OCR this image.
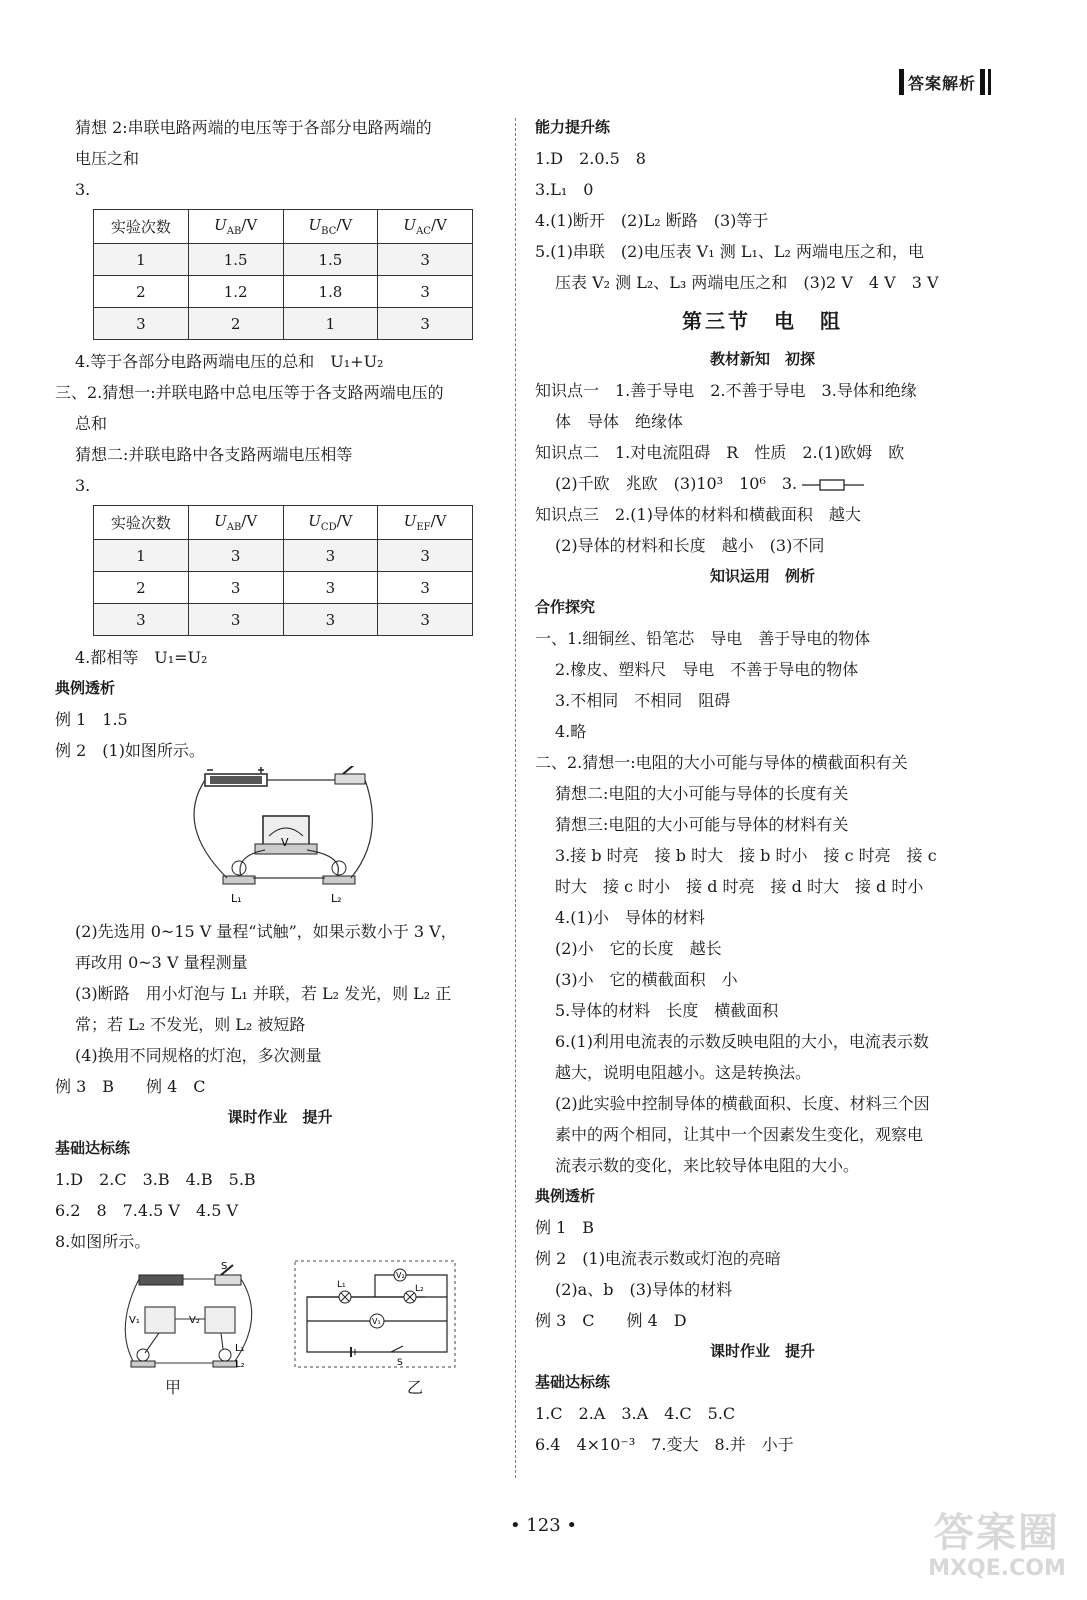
答案解析
猜想 2:串联电路两端的电压等于各部分电路两端的
电压之和
3.
实验次数	$U_{AB}/V$	$U_{BC}/V$	$U_{AC}/V$
1	1.5	1.5	3
2	1.2	1.8	3
3	2	1	3
4.等于各部分电路两端电压的总和　U₁+U₂
三、2.猜想一:并联电路中总电压等于各支路两端电压的
总和
猜想二:并联电路中各支路两端电压相等
3.
实验次数	$U_{AB}/V$	$U_{CD}/V$	$U_{EF}/V$
1	3	3	3
2	3	3	3
3	3	3	3
4.都相等　U₁=U₂
典例透析
例 1　1.5
例 2　(1)如图所示。
V
L₁	L₂
(2)先选用 0~15 V 量程“试触”，如果示数小于 3 V，
再改用 0~3 V 量程测量
(3)断路　用小灯泡与 L₁ 并联，若 L₂ 发光，则 L₂ 正
常；若 L₂ 不发光，则 L₂ 被短路
(4)换用不同规格的灯泡，多次测量
例 3　B　　例 4　C
课时作业　提升
基础达标练
1.D　2.C　3.B　4.B　5.B
6.2　8　7.4.5 V　4.5 V
8.如图所示。
S
V₁	V₂
L₁
L₂
V₂
L₁	L₂
V₁
S
甲	乙
能力提升练
1.D　2.0.5　8
3.L₁　0
4.(1)断开　(2)L₂ 断路　(3)等于
5.(1)串联　(2)电压表 V₁ 测 L₁、L₂ 两端电压之和，电
压表 V₂ 测 L₂、L₃ 两端电压之和　(3)2 V　4 V　3 V
第三节　电　阻
教材新知　初探
知识点一　1.善于导电　2.不善于导电　3.导体和绝缘
体　导体　绝缘体
知识点二　1.对电流阻碍　R　性质　2.(1)欧姆　欧
(2)千欧　兆欧　(3)10³　10⁶　3.
知识点三　2.(1)导体的材料和横截面积　越大
(2)导体的材料和长度　越小　(3)不同
知识运用　例析
合作探究
一、1.细铜丝、铅笔芯　导电　善于导电的物体
2.橡皮、塑料尺　导电　不善于导电的物体
3.不相同　不相同　阻碍
4.略
二、2.猜想一:电阻的大小可能与导体的横截面积有关
猜想二:电阻的大小可能与导体的长度有关
猜想三:电阻的大小可能与导体的材料有关
3.接 b 时亮　接 b 时大　接 b 时小　接 c 时亮　接 c
时大　接 c 时小　接 d 时亮　接 d 时大　接 d 时小
4.(1)小　导体的材料
(2)小　它的长度　越长
(3)小　它的横截面积　小
5.导体的材料　长度　横截面积
6.(1)利用电流表的示数反映电阻的大小，电流表示数
越大，说明电阻越小。这是转换法。
(2)此实验中控制导体的横截面积、长度、材料三个因
素中的两个相同，让其中一个因素发生变化，观察电
流表示数的变化，来比较导体电阻的大小。
典例透析
例 1　B
例 2　(1)电流表示数或灯泡的亮暗
(2)a、b　(3)导体的材料
例 3　C　　例 4　D
课时作业　提升
基础达标练
1.C　2.A　3.A　4.C　5.C
6.4　4×10⁻³　7.变大　8.并　小于
• 123 •	答案圈
MXQE.COM
